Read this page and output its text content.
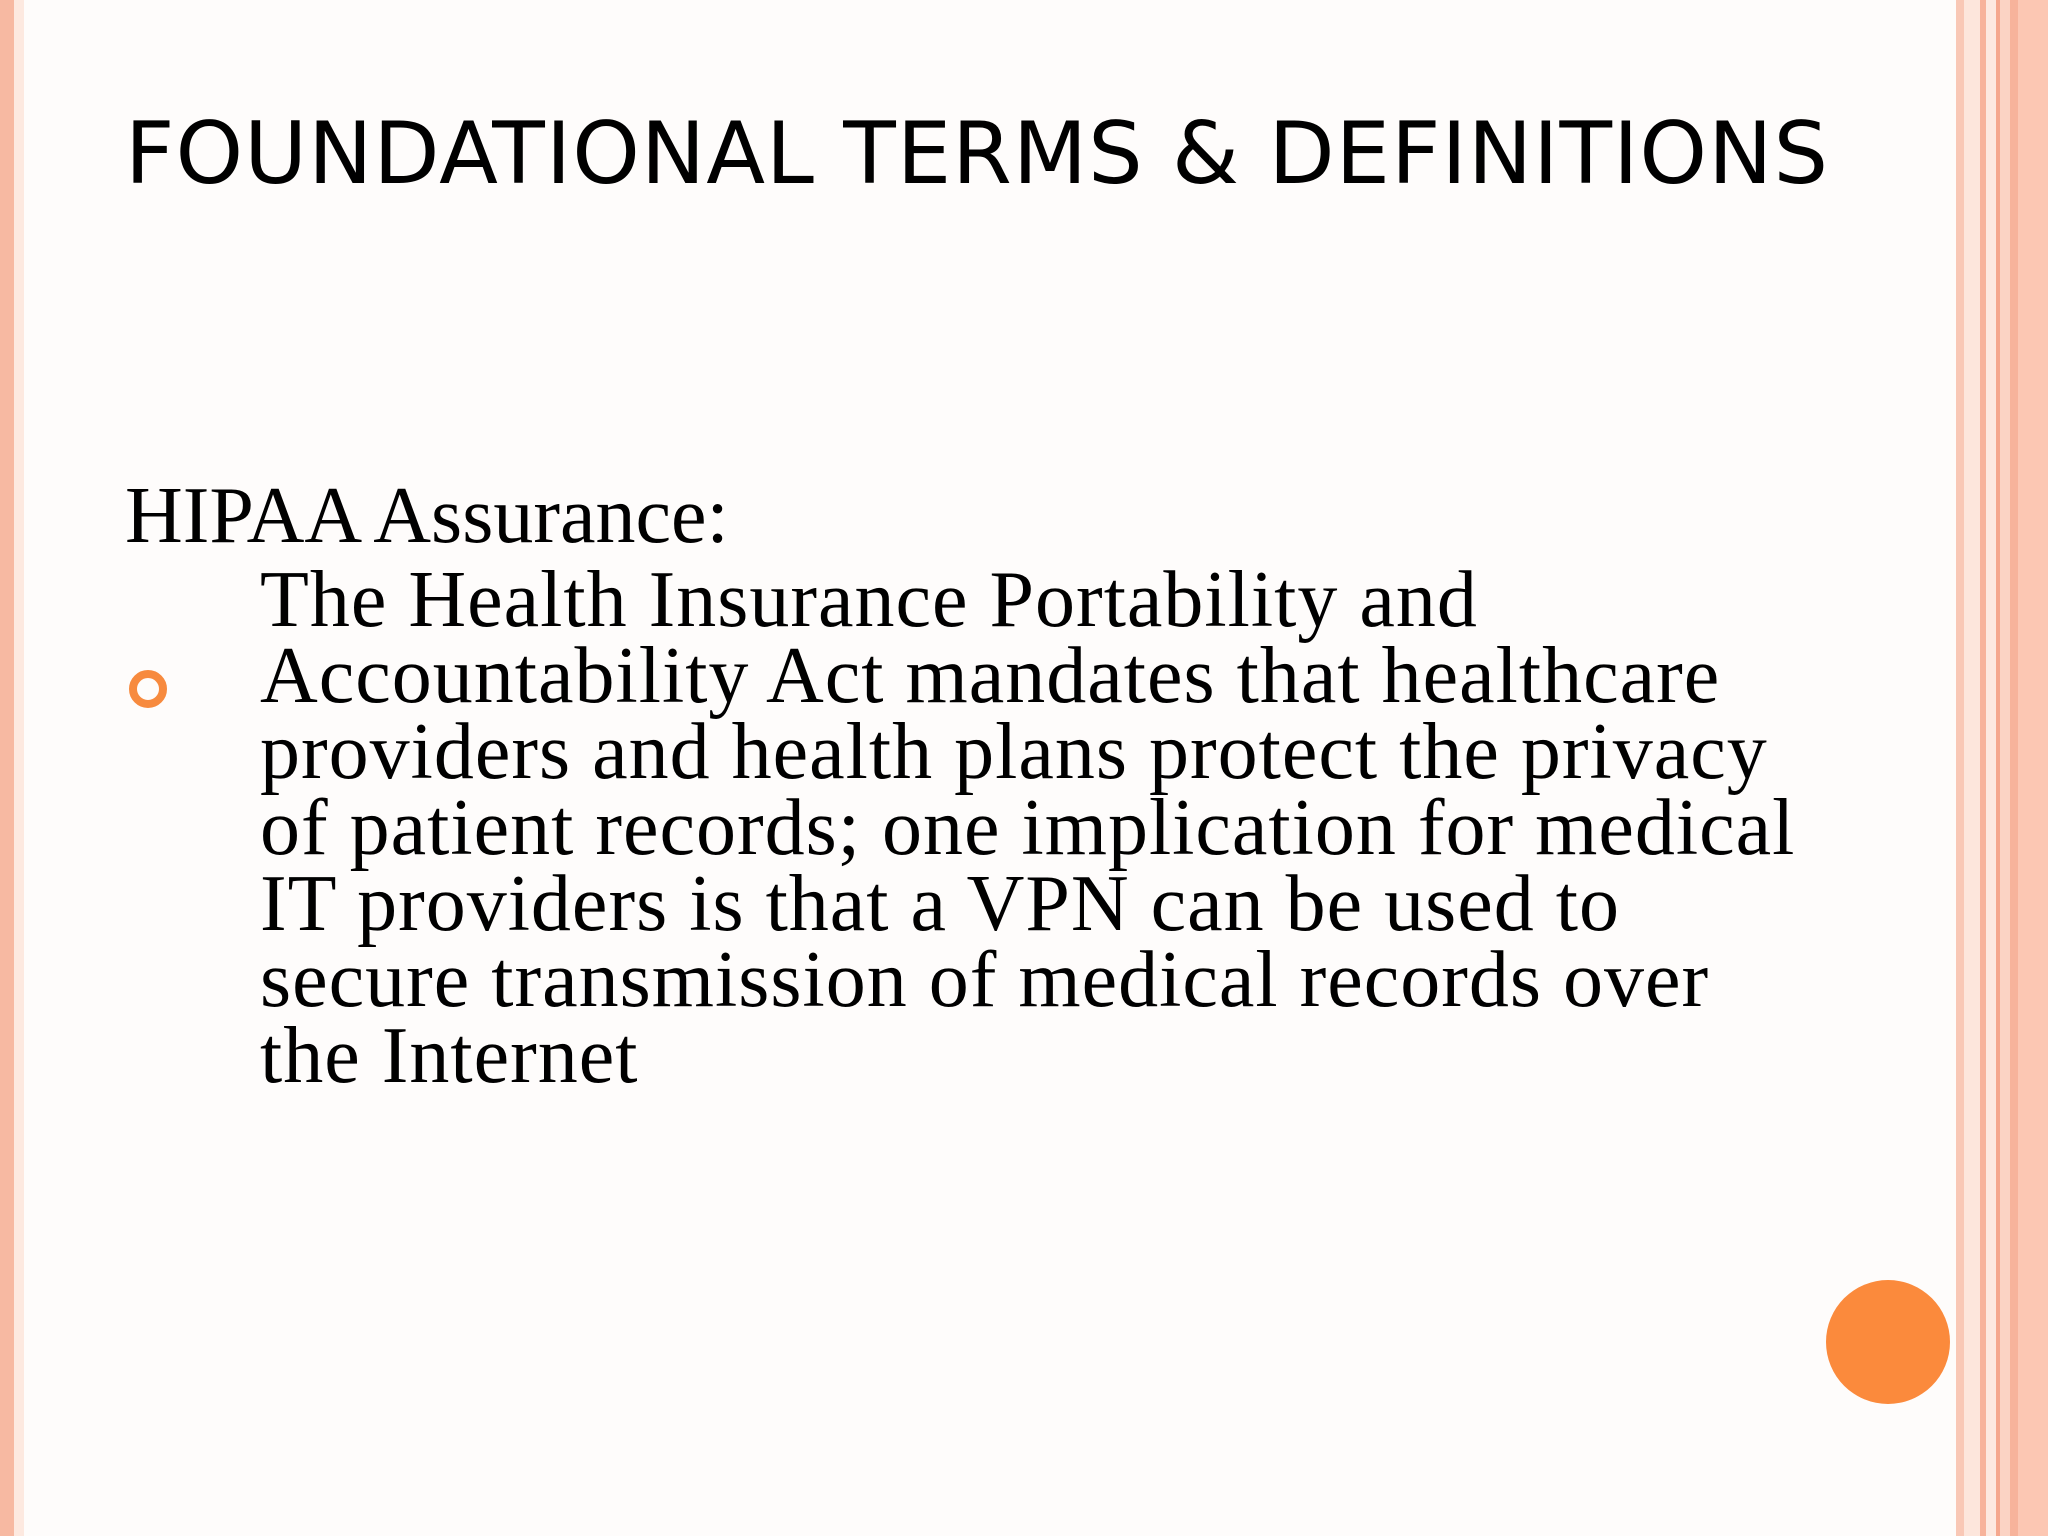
FOUNDATIONAL TERMS & DEFINITIONS

HIPAA Assurance:

The Health Insurance Portability and Accountability Act mandates that healthcare providers and health plans protect the privacy of patient records; one implication for medical IT providers is that a VPN can be used to secure transmission of medical records over the Internet
